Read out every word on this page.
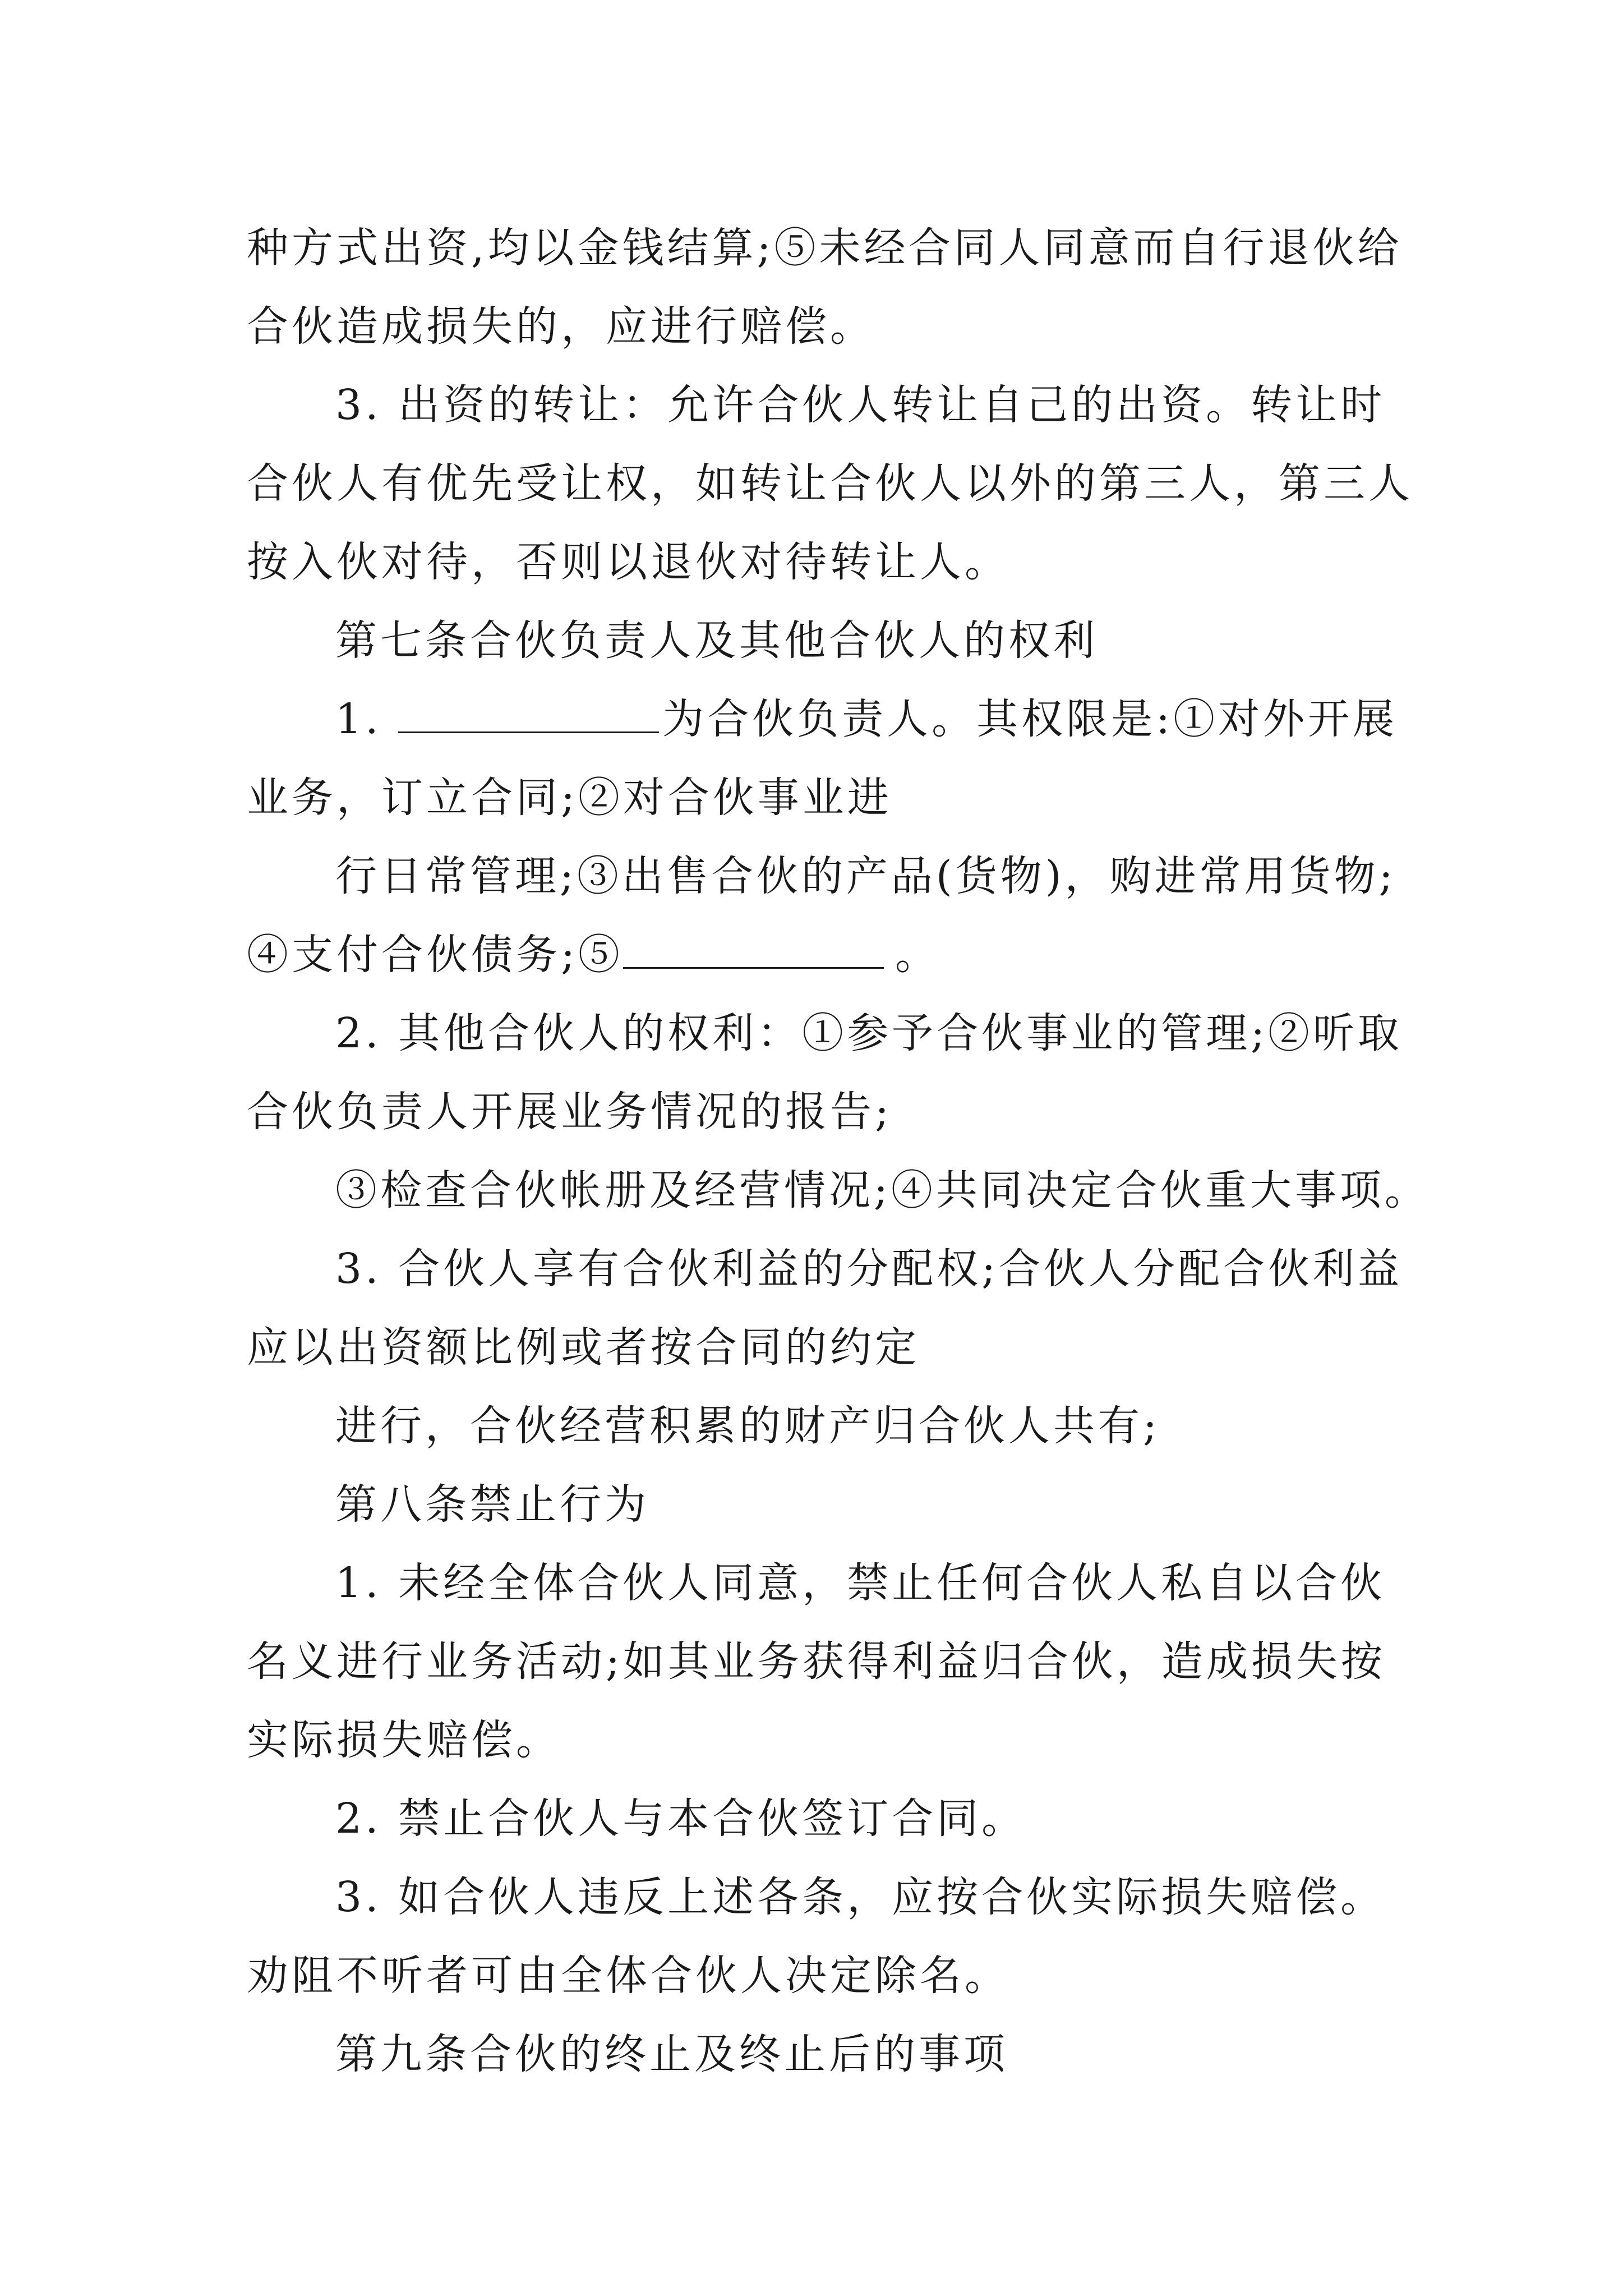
种方式出资,均以金钱结算;⑤未经合同人同意而自行退伙给
合伙造成损失的，应进行赔偿。
3. 出资的转让：允许合伙人转让自己的出资。转让时
合伙人有优先受让权，如转让合伙人以外的第三人，第三人
按入伙对待，否则以退伙对待转让人。
第七条合伙负责人及其他合伙人的权利
1.	为合伙负责人。其权限是:①对外开展
业务，订立合同;②对合伙事业进
行日常管理;③出售合伙的产品(货物)，购进常用货物;
④支付合伙债务;⑤	。
2. 其他合伙人的权利：①参予合伙事业的管理;②听取
合伙负责人开展业务情况的报告;
③检查合伙帐册及经营情况;④共同决定合伙重大事项。
3. 合伙人享有合伙利益的分配权;合伙人分配合伙利益
应以出资额比例或者按合同的约定
进行，合伙经营积累的财产归合伙人共有;
第八条禁止行为
1. 未经全体合伙人同意，禁止任何合伙人私自以合伙
名义进行业务活动;如其业务获得利益归合伙，造成损失按
实际损失赔偿。
2. 禁止合伙人与本合伙签订合同。
3. 如合伙人违反上述各条，应按合伙实际损失赔偿。
劝阻不听者可由全体合伙人决定除名。
第九条合伙的终止及终止后的事项
